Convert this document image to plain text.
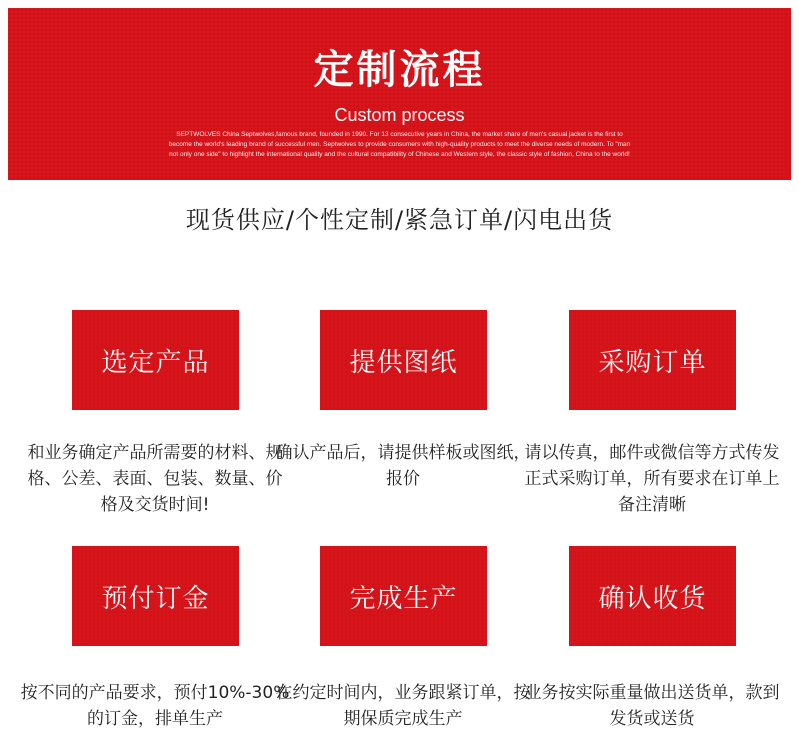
定制流程
Custom process
SEPTWOLVES China Septwolves,famous brand, founded in 1990. For 13 consecutive years in China, the market share of men's casual jacket is the first to become the world's leading brand of successful men. Septwolves to provide consumers with high-quality products to meet the diverse needs of modern. To "man not only one side" to highlight the international quality and the cultural compatibility of Chinese and Western style, the classic style of fashion, China to the world!
现货供应/个性定制/紧急订单/闪电出货
选定产品	提供图纸	采购订单
和业务确定产品所需要的材料、规格、公差、表面、包装、数量、价格及交货时间!
确认产品后，请提供样板或图纸，报价
请以传真，邮件或微信等方式传发正式采购订单，所有要求在订单上备注清晰
预付订金	完成生产	确认收货
按不同的产品要求，预付10%-30%的订金，排单生产
在约定时间内，业务跟紧订单，按期保质完成生产
业务按实际重量做出送货单，款到发货或送货
